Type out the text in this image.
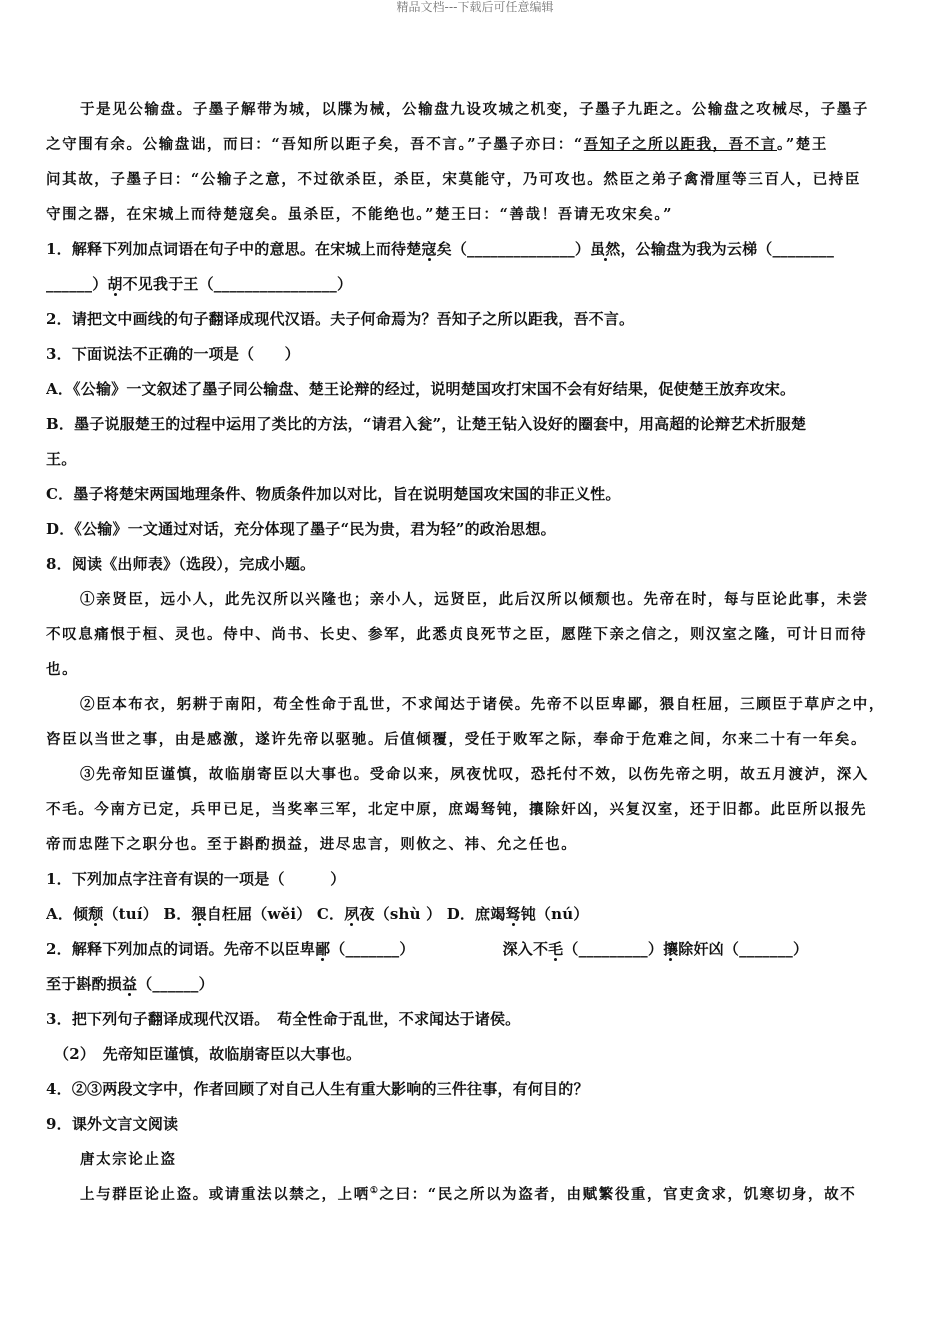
精品文档---下载后可任意编辑
于是见公输盘。子墨子解带为城，以牒为械，公输盘九设攻城之机变，子墨子九距之。公输盘之攻械尽，子墨子
之守围有余。公输盘诎，而曰：“吾知所以距子矣，吾不言。”子墨子亦曰：“吾知子之所以距我，吾不言。”楚王
问其故，子墨子曰：“公输子之意，不过欲杀臣，杀臣，宋莫能守，乃可攻也。然臣之弟子禽滑厘等三百人，已持臣
守围之器，在宋城上而待楚寇矣。虽杀臣，不能绝也。”楚王曰：“善哉！吾请无攻宋矣。”
1．解释下列加点词语在句子中的意思。在宋城上而待楚寇矣（______________）虽然，公输盘为我为云梯（________
______）胡不见我于王（________________）
2．请把文中画线的句子翻译成现代汉语。夫子何命焉为？吾知子之所以距我，吾不言。
3．下面说法不正确的一项是（　　）
A．《公输》一文叙述了墨子同公输盘、楚王论辩的经过，说明楚国攻打宋国不会有好结果，促使楚王放弃攻宋。
B．墨子说服楚王的过程中运用了类比的方法，“请君入瓮”，让楚王钻入设好的圈套中，用高超的论辩艺术折服楚
王。
C．墨子将楚宋两国地理条件、物质条件加以对比，旨在说明楚国攻宋国的非正义性。
D．《公输》一文通过对话，充分体现了墨子“民为贵，君为轻”的政治思想。
8．阅读《出师表》（选段），完成小题。
①亲贤臣，远小人，此先汉所以兴隆也；亲小人，远贤臣，此后汉所以倾颓也。先帝在时，每与臣论此事，未尝
不叹息痛恨于桓、灵也。侍中、尚书、长史、参军，此悉贞良死节之臣，愿陛下亲之信之，则汉室之隆，可计日而待
也。
②臣本布衣，躬耕于南阳，苟全性命于乱世，不求闻达于诸侯。先帝不以臣卑鄙，猥自枉屈，三顾臣于草庐之中，
咨臣以当世之事，由是感激，遂许先帝以驱驰。后值倾覆，受任于败军之际，奉命于危难之间，尔来二十有一年矣。
③先帝知臣谨慎，故临崩寄臣以大事也。受命以来，夙夜忧叹，恐托付不效，以伤先帝之明，故五月渡泸，深入
不毛。今南方已定，兵甲已足，当奖率三军，北定中原，庶竭驽钝，攘除奸凶，兴复汉室，还于旧都。此臣所以报先
帝而忠陛下之职分也。至于斟酌损益，进尽忠言，则攸之、祎、允之任也。
1．下列加点字注音有误的一项是（　　　）
A．倾颓（tuí） B．猥自枉屈（wěi） C．夙夜（shù ） D．庶竭驽钝（nú）
2．解释下列加点的词语。先帝不以臣卑鄙（_______）	深入不毛（_________）攘除奸凶（_______）
至于斟酌损益（______）
3．把下列句子翻译成现代汉语。　苟全性命于乱世，不求闻达于诸侯。
（2）　先帝知臣谨慎，故临崩寄臣以大事也。
4．②③两段文字中，作者回顾了对自己人生有重大影响的三件往事，有何目的？
9．课外文言文阅读
唐太宗论止盗
上与群臣论止盗。或请重法以禁之，上哂①之曰：“民之所以为盗者，由赋繁役重，官吏贪求，饥寒切身，故不
